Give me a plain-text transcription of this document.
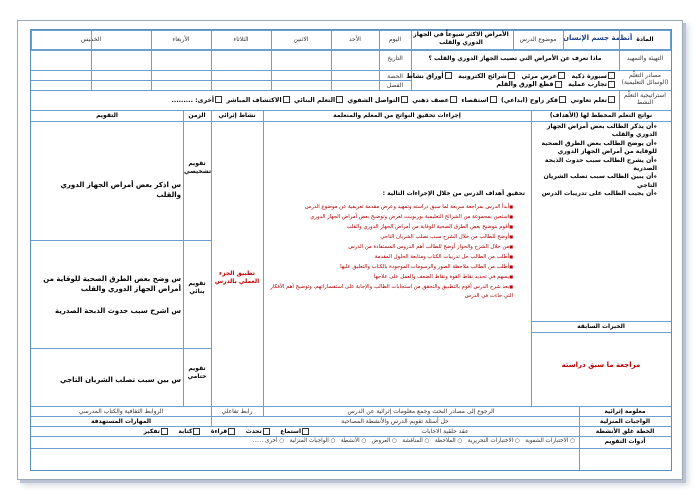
المادة
أنظمة جسم الإنسان
موضوع الدرس
الأمراض الاكثر شيوعاً في الجهاز الدوري والقلب
اليوم
الأحد
الاثنين
الثلاثاء
الأربعاء
الخميس
التهيئة والتمهيد
ماذا تعرف عن الأمراض التي تصيب الجهاز الدوري والقلب ؟
التاريخ
الحصة
الفصل
مصادر التعلّم (الوسائل التعليمية)
سبورة ذكية   عرض مرئي   شرائح الكترونية   أوراق نشاط
تجارب عملية   قطع الورق والقلم
استراتيجية التعلّم النشط
تعلم تعاوني  فكر زاوج (ابداعي)  استقصاء  عصف ذهني  التواصل الشفوي  التعلم البنائي  الاكتشاف المباشر  أخرى: .........
نواتج التعلم المخطط لها (الأهداف)
إجراءات تحقيق النواتج من المعلم والمتعلمة
نشاط إثرائي
الزمن
التقويم
❖ أن يذكر الطالب بعض أمراض الجهاز الدوري والقلب
❖ أن يوضح الطالب بعض الطرق الصحية للوقاية من أمراض الجهاز الدوري
❖ أن يشرح الطالب سبب حدوث الذبحة الصدرية
❖ أن يبين الطالب سبب تصلب الشريان التاجي
❖ أن يجيب الطالب على تدريبات الدرس
الخبرات السابقة
مراجعة ما سبق دراسته
تحقيق أهداف الدرس من خلال الإجراءات التالية :
■ أبدأ الدرس بمراجعة سريعة لما سبق دراسته وتمهيد وعرض مقدمة تعريفية عن موضوع الدرس
■ استعين بمجموعة من الشرائح التعليمية بوربوينت لعرض وتوضيح بعض أمراض الجهاز الدوري
■ أقوم بتوضيح بعض الطرق الصحية للوقاية من أمراض الجهاز الدوري والقلب
■ أوضح للطالب من خلال الشرح سبب تصلب الشريان التاجي
■ من خلال الشرح والحوار أوضح للطالب أهم الدروس المستفادة من الدرس
■ أطلب من الطالب حل تدريبات الكتاب ومتابعة الحلول المقدمة
■ أطلب من الطالب ملاحظة الصور والرسومات الموجودة بالكتاب والتعليق عليها
■ يسهم في تحديد نقاط القوة ونقاط الضعف والعمل على علاجها
■ بعد شرح الدرس أقوم بالتطبيق والتحقق من استجابات الطالب والإجابة على استفساراتهم، وتوضيح أهم الأفكار التي جاءت في الدرس
تطبيق الجزء العملي بالدرس
تقويم تشخيصي
تقويم بنائي
تقويم ختامي
س اذكر بعض أمراض الجهاز الدوري والقلب
س وضح بعض الطرق الصحية للوقاية من أمراض الجهاز الدوري والقلب
س اشرح سبب حدوث الذبحة الصدرية
س بين سبب تصلب الشريان التاجي
معلومة إثرائية
الرجوع إلى مصادر البحث وجمع معلومات إثرائية عن الدرس
رابط تفاعلي
الروابط الثقافية والكتاب المدرسي
الواجبات المنزلية
حل أسئلة تقويم الدرس والأنشطة المصاحبة
المهارات المستهدفة
الخطة غلق الأنشطة
عقد حلقية الاجابات
استماع     تحدث     قراءة     كتابة     تفكير
أدوات التقويم
○ الاختبارات الشفوية   ○ الاختبارات التحريرية   ○ الملاحظة   ○ المناقشة   ○ العروض   ○ الأنشطة   ○ الواجبات المنزلية   ○ أخرى ......
